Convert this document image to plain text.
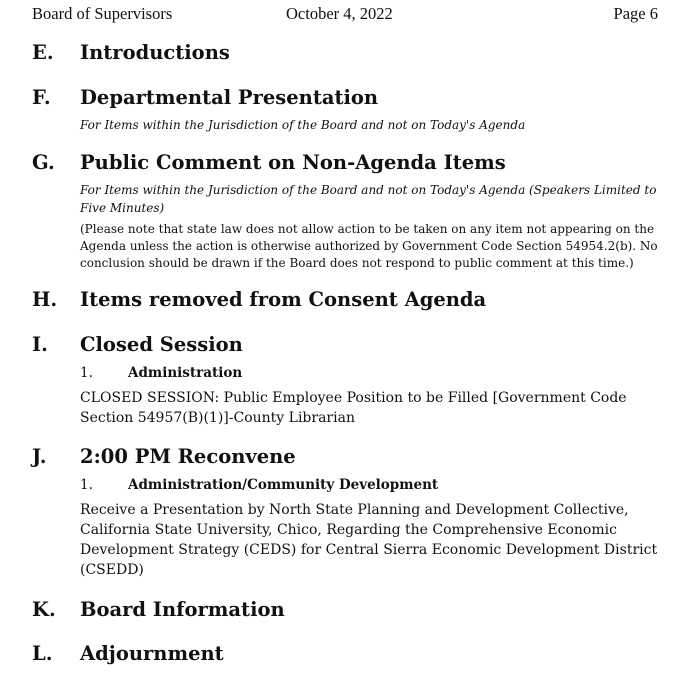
Board of Supervisors	October 4, 2022	Page 6
E. Introductions
F. Departmental Presentation
For Items within the Jurisdiction of the Board and not on Today's Agenda
G. Public Comment on Non-Agenda Items
For Items within the Jurisdiction of the Board and not on Today's Agenda (Speakers Limited to
Five Minutes)
(Please note that state law does not allow action to be taken on any item not appearing on the
Agenda unless the action is otherwise authorized by Government Code Section 54954.2(b). No
conclusion should be drawn if the Board does not respond to public comment at this time.)
H. Items removed from Consent Agenda
I. Closed Session
1.	Administration
CLOSED SESSION: Public Employee Position to be Filled [Government Code
Section 54957(B)(1)]-County Librarian
J. 2:00 PM Reconvene
1.	Administration/Community Development
Receive a Presentation by North State Planning and Development Collective,
California State University, Chico, Regarding the Comprehensive Economic
Development Strategy (CEDS) for Central Sierra Economic Development District
(CSEDD)
K. Board Information
L. Adjournment
